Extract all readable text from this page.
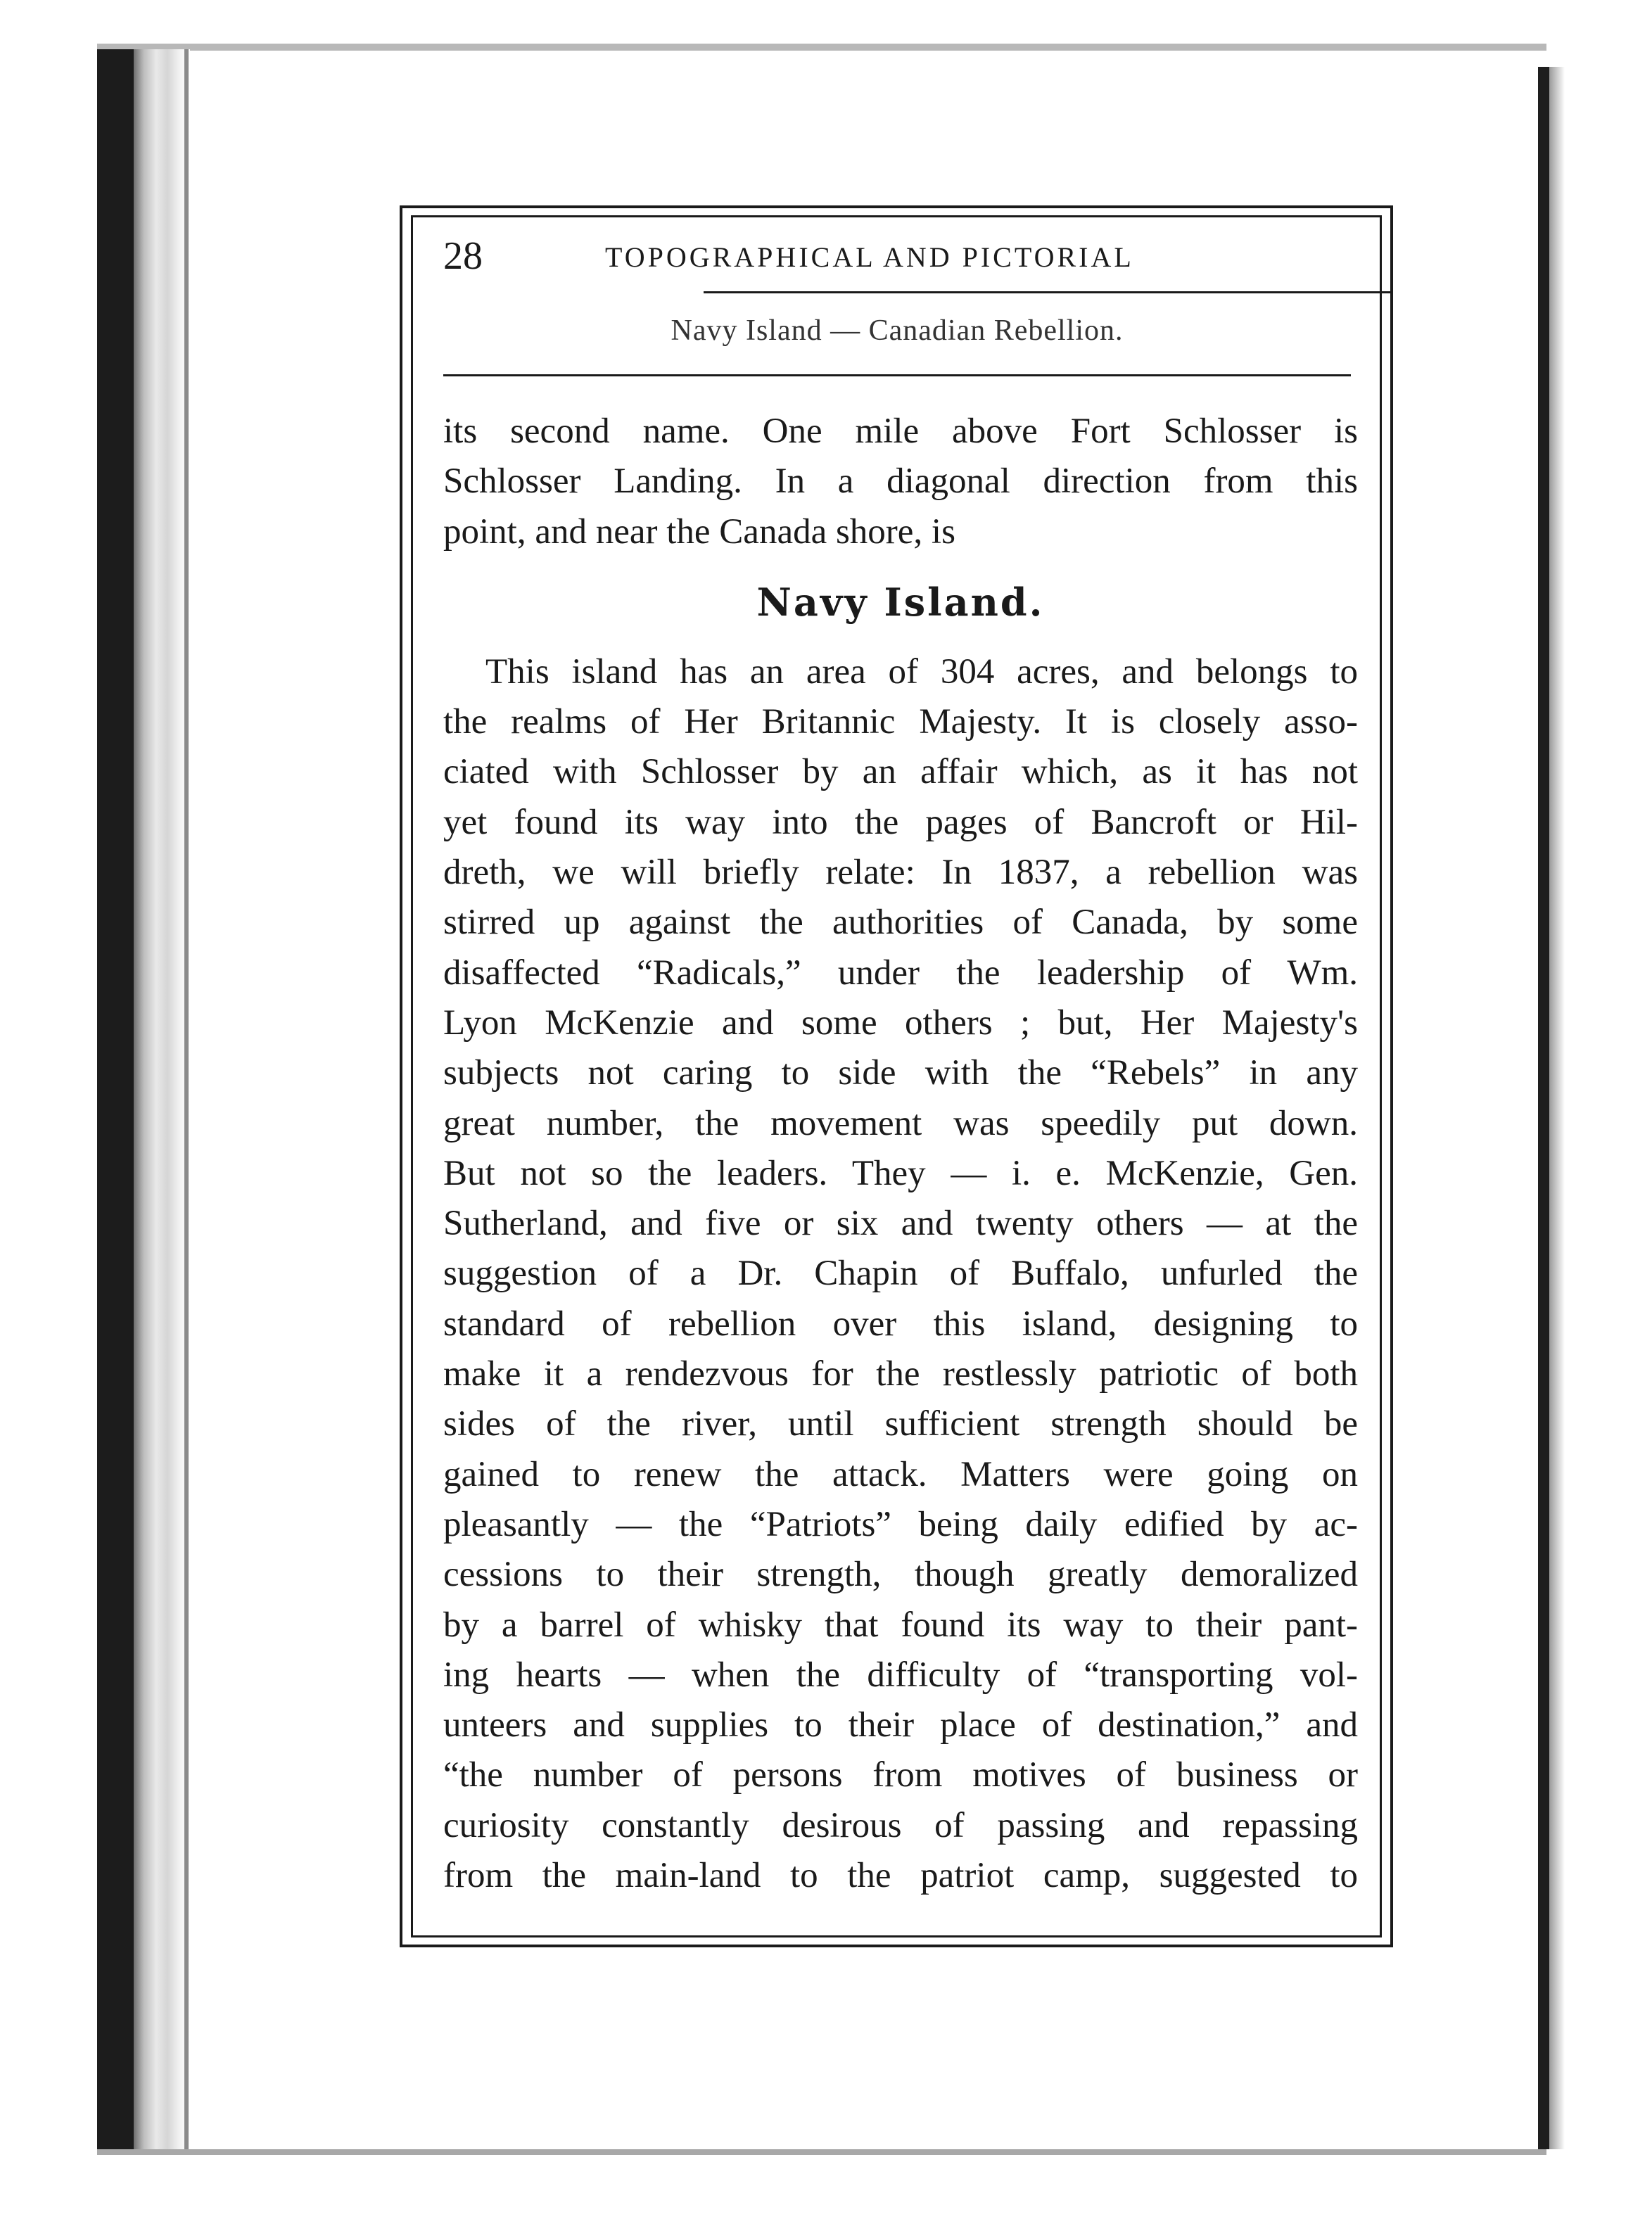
28	TOPOGRAPHICAL AND PICTORIAL
Navy Island — Canadian Rebellion.
its second name. One mile above Fort Schlosser is
Schlosser Landing. In a diagonal direction from this
point, and near the Canada shore, is
Navy Island.
This island has an area of 304 acres, and belongs to
the realms of Her Britannic Majesty. It is closely asso-
ciated with Schlosser by an affair which, as it has not
yet found its way into the pages of Bancroft or Hil-
dreth, we will briefly relate: In 1837, a rebellion was
stirred up against the authorities of Canada, by some
disaffected “Radicals,” under the leadership of Wm.
Lyon McKenzie and some others ; but, Her Majesty's
subjects not caring to side with the “Rebels” in any
great number, the movement was speedily put down.
But not so the leaders. They — i. e. McKenzie, Gen.
Sutherland, and five or six and twenty others — at the
suggestion of a Dr. Chapin of Buffalo, unfurled the
standard of rebellion over this island, designing to
make it a rendezvous for the restlessly patriotic of both
sides of the river, until sufficient strength should be
gained to renew the attack. Matters were going on
pleasantly — the “Patriots” being daily edified by ac-
cessions to their strength, though greatly demoralized
by a barrel of whisky that found its way to their pant-
ing hearts — when the difficulty of “transporting vol-
unteers and supplies to their place of destination,” and
“the number of persons from motives of business or
curiosity constantly desirous of passing and repassing
from the main-land to the patriot camp, suggested to
